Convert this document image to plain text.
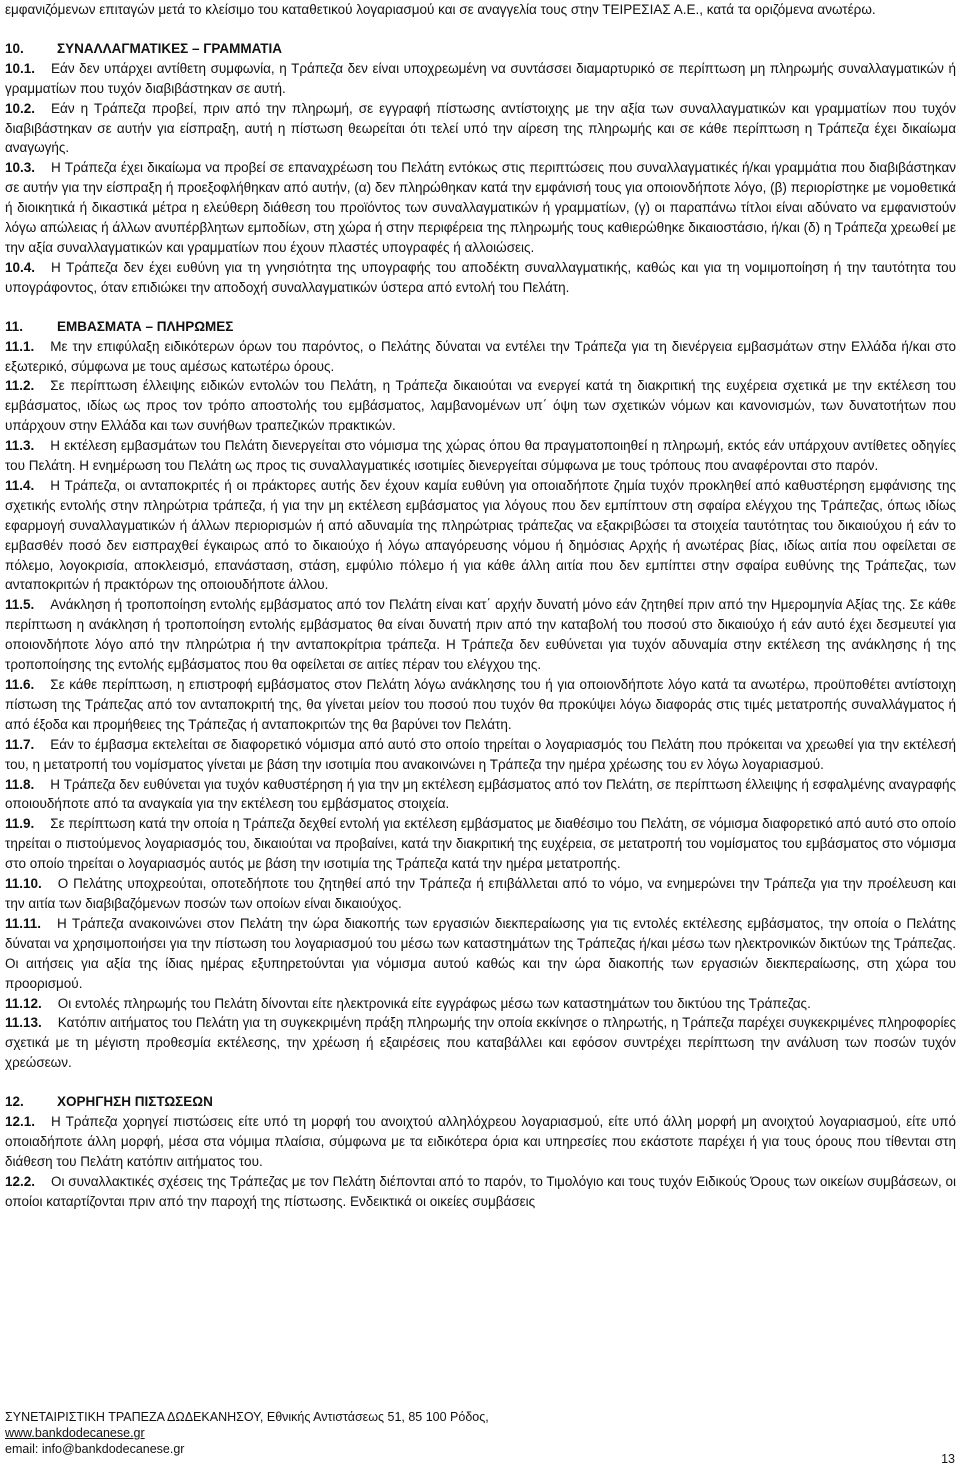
εμφανιζόμενων επιταγών μετά το κλείσιμο του καταθετικού λογαριασμού και σε αναγγελία τους στην ΤΕΙΡΕΣΙΑΣ Α.Ε., κατά τα οριζόμενα ανωτέρω.

10. ΣΥΝΑΛΛΑΓΜΑΤΙΚΕΣ – ΓΡΑΜΜΑΤΙΑ

10.1. Εάν δεν υπάρχει αντίθετη συμφωνία, η Τράπεζα δεν είναι υποχρεωμένη να συντάσσει διαμαρτυρικό σε περίπτωση μη πληρωμής συναλλαγματικών ή γραμματίων που τυχόν διαβιβάστηκαν σε αυτή.

10.2. Εάν η Τράπεζα προβεί, πριν από την πληρωμή, σε εγγραφή πίστωσης αντίστοιχης με την αξία των συναλλαγματικών και γραμματίων που τυχόν διαβιβάστηκαν σε αυτήν για είσπραξη, αυτή η πίστωση θεωρείται ότι τελεί υπό την αίρεση της πληρωμής και σε κάθε περίπτωση η Τράπεζα έχει δικαίωμα αναγωγής.

10.3. Η Τράπεζα έχει δικαίωμα να προβεί σε επαναχρέωση του Πελάτη εντόκως στις περιπτώσεις που συναλλαγματικές ή/και γραμμάτια που διαβιβάστηκαν σε αυτήν για την είσπραξη ή προεξοφλήθηκαν από αυτήν, (α) δεν πληρώθηκαν κατά την εμφάνισή τους για οποιονδήποτε λόγο, (β) περιορίστηκε με νομοθετικά ή διοικητικά ή δικαστικά μέτρα η ελεύθερη διάθεση του προϊόντος των συναλλαγματικών ή γραμματίων, (γ) οι παραπάνω τίτλοι είναι αδύνατο να εμφανιστούν λόγω απώλειας ή άλλων ανυπέρβλητων εμποδίων, στη χώρα ή στην περιφέρεια της πληρωμής τους καθιερώθηκε δικαιοστάσιο, ή/και (δ) η Τράπεζα χρεωθεί με την αξία συναλλαγματικών και γραμματίων που έχουν πλαστές υπογραφές ή αλλοιώσεις.

10.4. Η Τράπεζα δεν έχει ευθύνη για τη γνησιότητα της υπογραφής του αποδέκτη συναλλαγματικής, καθώς και για τη νομιμοποίηση ή την ταυτότητα του υπογράφοντος, όταν επιδιώκει την αποδοχή συναλλαγματικών ύστερα από εντολή του Πελάτη.

11.	ΕΜΒΑΣΜΑΤΑ – ΠΛΗΡΩΜΕΣ

11.1. Με την επιφύλαξη ειδικότερων όρων του παρόντος, ο Πελάτης δύναται να εντέλει την Τράπεζα για τη διενέργεια εμβασμάτων στην Ελλάδα ή/και στο εξωτερικό, σύμφωνα με τους αμέσως κατωτέρω όρους.

11.2. Σε περίπτωση έλλειψης ειδικών εντολών του Πελάτη, η Τράπεζα δικαιούται να ενεργεί κατά τη διακριτική της ευχέρεια σχετικά με την εκτέλεση του εμβάσματος, ιδίως ως προς τον τρόπο αποστολής του εμβάσματος, λαμβανομένων υπ΄ όψη των σχετικών νόμων και κανονισμών, των δυνατοτήτων που υπάρχουν στην Ελλάδα και των συνήθων τραπεζικών πρακτικών.

11.3. Η εκτέλεση εμβασμάτων του Πελάτη διενεργείται στο νόμισμα της χώρας όπου θα πραγματοποιηθεί η πληρωμή, εκτός εάν υπάρχουν αντίθετες οδηγίες του Πελάτη. Η ενημέρωση του Πελάτη ως προς τις συναλλαγματικές ισοτιμίες διενεργείται σύμφωνα με τους τρόπους που αναφέρονται στο παρόν.

11.4. Η Τράπεζα, οι ανταποκριτές ή οι πράκτορες αυτής δεν έχουν καμία ευθύνη για οποιαδήποτε ζημία τυχόν προκληθεί από καθυστέρηση εμφάνισης της σχετικής εντολής στην πληρώτρια τράπεζα, ή για την μη εκτέλεση εμβάσματος για λόγους που δεν εμπίπτουν στη σφαίρα ελέγχου της Τράπεζας, όπως ιδίως εφαρμογή συναλλαγματικών ή άλλων περιορισμών ή από αδυναμία της πληρώτριας τράπεζας να εξακριβώσει τα στοιχεία ταυτότητας του δικαιούχου ή εάν το εμβασθέν ποσό δεν εισπραχθεί έγκαιρως από το δικαιούχο ή λόγω απαγόρευσης νόμου ή δημόσιας Αρχής ή ανωτέρας βίας, ιδίως αιτία που οφείλεται σε πόλεμο, λογοκρισία, αποκλεισμό, επανάσταση, στάση, εμφύλιο πόλεμο ή για κάθε άλλη αιτία που δεν εμπίπτει στην σφαίρα ευθύνης της Τράπεζας, των ανταποκριτών ή πρακτόρων της οποιουδήποτε άλλου.

11.5. Ανάκληση ή τροποποίηση εντολής εμβάσματος από τον Πελάτη είναι κατ΄ αρχήν δυνατή μόνο εάν ζητηθεί πριν από την Ημερομηνία Αξίας της. Σε κάθε περίπτωση η ανάκληση ή τροποποίηση εντολής εμβάσματος θα είναι δυνατή πριν από την καταβολή του ποσού στο δικαιούχο ή εάν αυτό έχει δεσμευτεί για οποιονδήποτε λόγο από την πληρώτρια ή την ανταποκρίτρια τράπεζα. Η Τράπεζα δεν ευθύνεται για τυχόν αδυναμία στην εκτέλεση της ανάκλησης ή της τροποποίησης της εντολής εμβάσματος που θα οφείλεται σε αιτίες πέραν του ελέγχου της.

11.6. Σε κάθε περίπτωση, η επιστροφή εμβάσματος στον Πελάτη λόγω ανάκλησης του ή για οποιονδήποτε λόγο κατά τα ανωτέρω, προϋποθέτει αντίστοιχη πίστωση της Τράπεζας από τον ανταποκριτή της, θα γίνεται μείον του ποσού που τυχόν θα προκύψει λόγω διαφοράς στις τιμές μετατροπής συναλλάγματος ή από έξοδα και προμήθειες της Τράπεζας ή ανταποκριτών της θα βαρύνει τον Πελάτη.

11.7. Εάν το έμβασμα εκτελείται σε διαφορετικό νόμισμα από αυτό στο οποίο τηρείται ο λογαριασμός του Πελάτη που πρόκειται να χρεωθεί για την εκτέλεσή του, η μετατροπή του νομίσματος γίνεται με βάση την ισοτιμία που ανακοινώνει η Τράπεζα την ημέρα χρέωσης του εν λόγω λογαριασμού.

11.8. Η Τράπεζα δεν ευθύνεται για τυχόν καθυστέρηση ή για την μη εκτέλεση εμβάσματος από τον Πελάτη, σε περίπτωση έλλειψης ή εσφαλμένης αναγραφής οποιουδήποτε από τα αναγκαία για την εκτέλεση του εμβάσματος στοιχεία.

11.9. Σε περίπτωση κατά την οποία η Τράπεζα δεχθεί εντολή για εκτέλεση εμβάσματος με διαθέσιμο του Πελάτη, σε νόμισμα διαφορετικό από αυτό στο οποίο τηρείται ο πιστούμενος λογαριασμός του, δικαιούται να προβαίνει, κατά την διακριτική της ευχέρεια, σε μετατροπή του νομίσματος του εμβάσματος στο νόμισμα στο οποίο τηρείται ο λογαριασμός αυτός με βάση την ισοτιμία της Τράπεζα κατά την ημέρα μετατροπής.

11.10. Ο Πελάτης υποχρεούται, οποτεδήποτε του ζητηθεί από την Τράπεζα ή επιβάλλεται από το νόμο, να ενημερώνει την Τράπεζα για την προέλευση και την αιτία των διαβιβαζόμενων ποσών των οποίων είναι δικαιούχος.

11.11. Η Τράπεζα ανακοινώνει στον Πελάτη την ώρα διακοπής των εργασιών διεκπεραίωσης για τις εντολές εκτέλεσης εμβάσματος, την οποία ο Πελάτης δύναται να χρησιμοποιήσει για την πίστωση του λογαριασμού του μέσω των καταστημάτων της Τράπεζας ή/και μέσω των ηλεκτρονικών δικτύων της Τράπεζας. Οι αιτήσεις για αξία της ίδιας ημέρας εξυπηρετούνται για νόμισμα αυτού καθώς και την ώρα διακοπής των εργασιών διεκπεραίωσης, στη χώρα του προορισμού.

11.12. Οι εντολές πληρωμής του Πελάτη δίνονται είτε ηλεκτρονικά είτε εγγράφως μέσω των καταστημάτων του δικτύου της Τράπεζας.

11.13. Κατόπιν αιτήματος του Πελάτη για τη συγκεκριμένη πράξη πληρωμής την οποία εκκίνησε ο πληρωτής, η Τράπεζα παρέχει συγκεκριμένες πληροφορίες σχετικά με τη μέγιστη προθεσμία εκτέλεσης, την χρέωση ή εξαιρέσεις που καταβάλλει και εφόσον συντρέχει περίπτωση την ανάλυση των ποσών τυχόν χρεώσεων.

12. ΧΟΡΗΓΗΣΗ ΠΙΣΤΩΣΕΩΝ

12.1. Η Τράπεζα χορηγεί πιστώσεις είτε υπό τη μορφή του ανοιχτού αλληλόχρεου λογαριασμού, είτε υπό άλλη μορφή μη ανοιχτού λογαριασμού, είτε υπό οποιαδήποτε άλλη μορφή, μέσα στα νόμιμα πλαίσια, σύμφωνα με τα ειδικότερα όρια και υπηρεσίες που εκάστοτε παρέχει ή για τους όρους που τίθενται στη διάθεση του Πελάτη κατόπιν αιτήματος του.

12.2. Οι συναλλακτικές σχέσεις της Τράπεζας με τον Πελάτη διέπονται από το παρόν, το Τιμολόγιο και τους τυχόν Ειδικούς Όρους των οικείων συμβάσεων, οι οποίοι καταρτίζονται πριν από την παροχή της πίστωσης. Ενδεικτικά οι οικείες συμβάσεις

ΣΥΝΕΤΑΙΡΙΣΤΙΚΗ ΤΡΑΠΕΖΑ ΔΩΔΕΚΑΝΗΣΟΥ, Εθνικής Αντιστάσεως 51, 85 100 Ρόδος,
www.bankdodecanese.gr
email: info@bankdodecanese.gr
13
